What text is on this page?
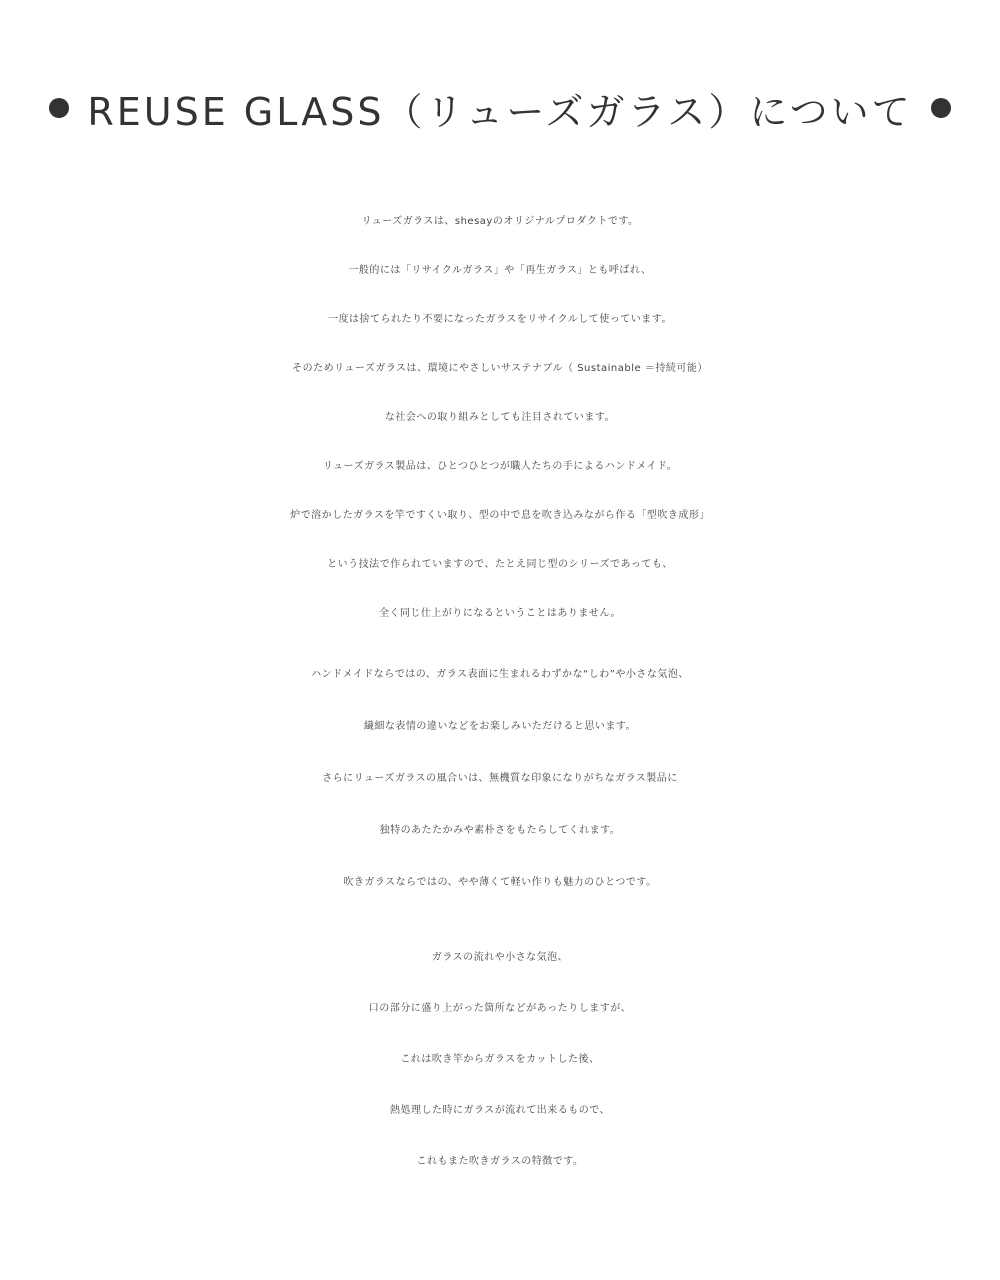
REUSE GLASS（リューズガラス）について
リューズガラスは、shesayのオリジナルプロダクトです。
一般的には「リサイクルガラス」や「再生ガラス」とも呼ばれ、
一度は捨てられたり不要になったガラスをリサイクルして使っています。
そのためリューズガラスは、環境にやさしいサステナブル（ Sustainable ＝持続可能）
な社会への取り組みとしても注目されています。
リューズガラス製品は、ひとつひとつが職人たちの手によるハンドメイド。
炉で溶かしたガラスを竿ですくい取り、型の中で息を吹き込みながら作る「型吹き成形」
という技法で作られていますので、たとえ同じ型のシリーズであっても、
全く同じ仕上がりになるということはありません。
ハンドメイドならではの、ガラス表面に生まれるわずかな“しわ”や小さな気泡、
繊細な表情の違いなどをお楽しみいただけると思います。
さらにリューズガラスの風合いは、無機質な印象になりがちなガラス製品に
独特のあたたかみや素朴さをもたらしてくれます。
吹きガラスならではの、やや薄くて軽い作りも魅力のひとつです。
ガラスの流れや小さな気泡、
口の部分に盛り上がった箇所などがあったりしますが、
これは吹き竿からガラスをカットした後、
熱処理した時にガラスが流れて出来るもので、
これもまた吹きガラスの特徴です。
